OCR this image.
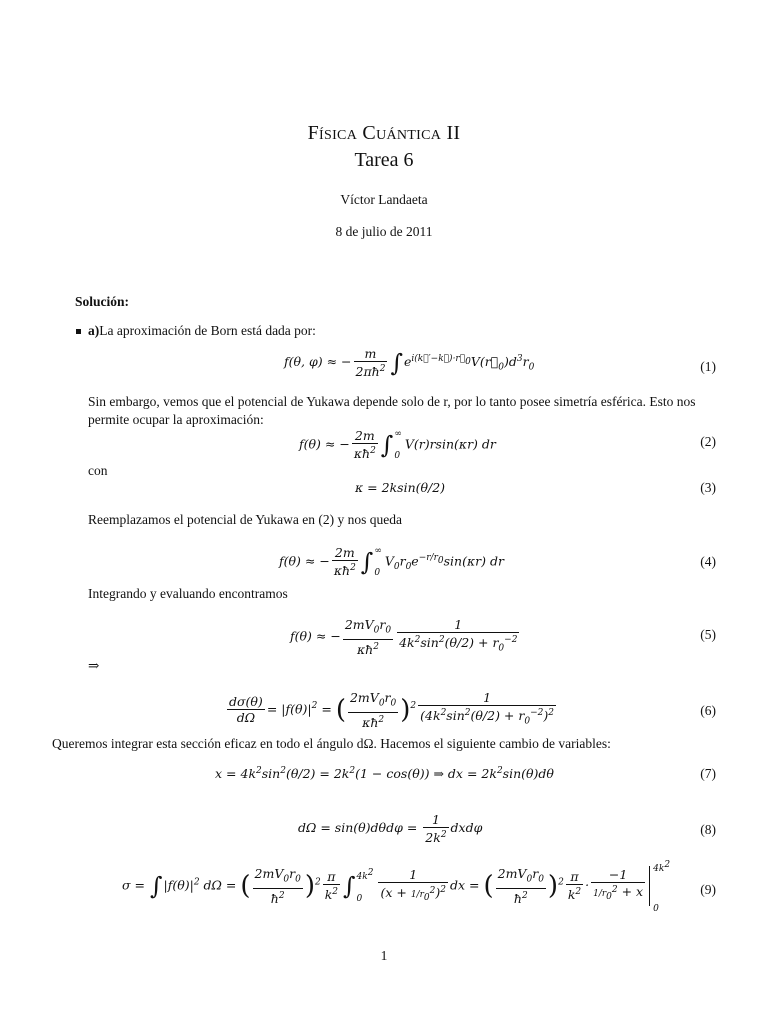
Física Cuántica II
Tarea 6
Víctor Landaeta
8 de julio de 2011
Solución:
a)La aproximación de Born está dada por:
f(θ, φ) ≈ − $\frac{m}{2\pi ħ^2}$ $\int e^{i(k⃗'-k⃗)\cdot r⃗_0}V(r⃗_0)d^3r_0$	(1)
Sin embargo, vemos que el potencial de Yukawa depende solo de r, por lo tanto posee simetría esférica. Esto nos permite ocupar la aproximación:
f(θ) ≈ − $\frac{2m}{\kappa ħ^2}$ ∫ ∞
0
V(r)rsin(κr) dr	(2)
con
κ = 2ksin(θ/2)	(3)
Reemplazamos el potencial de Yukawa en (2) y nos queda
f(θ) ≈ − $\frac{2m}{\kappa ħ^2}$ ∫ ∞
0
$V_0r_0e^{-r/r_0}\sin(\kappa r)$ dr	(4)
Integrando y evaluando encontramos
f(θ) ≈ − $\frac{2mV_0r_0}{\kappa ħ^2} \frac{1}{4k^2\sin^2(\theta/2) + r_0^{-2}}$	(5)
⇒
$\frac{d\sigma(\theta)}{d\Omega} = |f(\theta)|^2$ = ( $\frac{2mV_0r_0}{\kappa ħ^2} )^2 \frac{1}{(4k^2\sin^2(\theta/2) + r_0^{-2})^2}$	(6)
Queremos integrar esta sección eficaz en todo el ángulo dΩ. Hacemos el siguiente cambio de variables:
$x = 4k^2\sin^2(\theta/2) = 2k^2(1 - \cos(\theta))$ ⇒ dx = $2k^2\sin(\theta)d\theta$	(7)
$d\Omega = \sin(\theta)d\theta d\varphi = \frac{1}{2k^2}$ dxdφ	(8)
$\sigma = \int|f(\theta)|^2$ dΩ = ( $\frac{2mV_0r_0}{ħ^2} )^2 \frac{\pi}{k^2}$ ∫ $4k^2$
0	$\frac{1}{(x + 1/r_0^2)^2}$ dx = ( $\frac{2mV_0r_0}{ħ^2} )^2 \frac{\pi}{k^2} \cdot \frac{-1}{1/r_0^2 + x} 4k^2$
0
(9)
1
